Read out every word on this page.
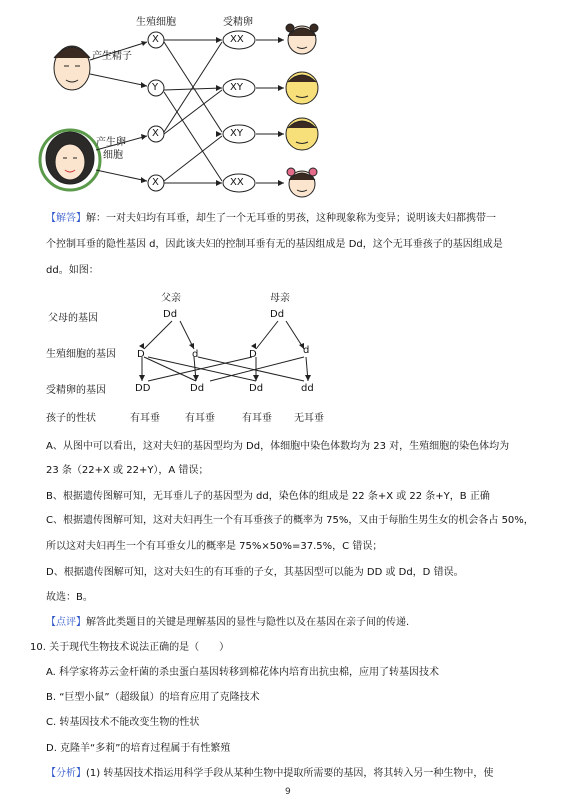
生殖细胞	受精卵
产生精子
产生卵
细胞
X
Y
X
X
XX
XY
XY
XX
【解答】解：一对夫妇均有耳垂，却生了一个无耳垂的男孩，这种现象称为变异；说明该夫妇都携带一
个控制耳垂的隐性基因 d，因此该夫妇的控制耳垂有无的基因组成是 Dd，这个无耳垂孩子的基因组成是
dd。如图：
父亲	母亲
父母的基因	Dd	Dd
生殖细胞的基因 D	d	D	d
受精卵的基因	DD	Dd	Dd	dd
孩子的性状	有耳垂	有耳垂	有耳垂 无耳垂
A、从图中可以看出，这对夫妇的基因型均为 Dd，体细胞中染色体数均为 23 对，生殖细胞的染色体均为
23 条（22+X 或 22+Y），A 错误；
B、根据遗传图解可知，无耳垂儿子的基因型为 dd，染色体的组成是 22 条+X 或 22 条+Y，B 正确
C、根据遗传图解可知，这对夫妇再生一个有耳垂孩子的概率为 75%，又由于每胎生男生女的机会各占 50%，
所以这对夫妇再生一个有耳垂女儿的概率是 75%×50%=37.5%，C 错误；
D、根据遗传图解可知，这对夫妇生的有耳垂的子女，其基因型可以能为 DD 或 Dd，D 错误。
故选：B。
【点评】解答此类题目的关键是理解基因的显性与隐性以及在基因在亲子间的传递.
10. 关于现代生物技术说法正确的是（　　）
A. 科学家将苏云金杆菌的杀虫蛋白基因转移到棉花体内培育出抗虫棉，应用了转基因技术
B. “巨型小鼠”（超级鼠）的培育应用了克隆技术
C. 转基因技术不能改变生物的性状
D. 克隆羊“多莉”的培育过程属于有性繁殖
【分析】(1) 转基因技术指运用科学手段从某种生物中提取所需要的基因，将其转入另一种生物中，使
9
